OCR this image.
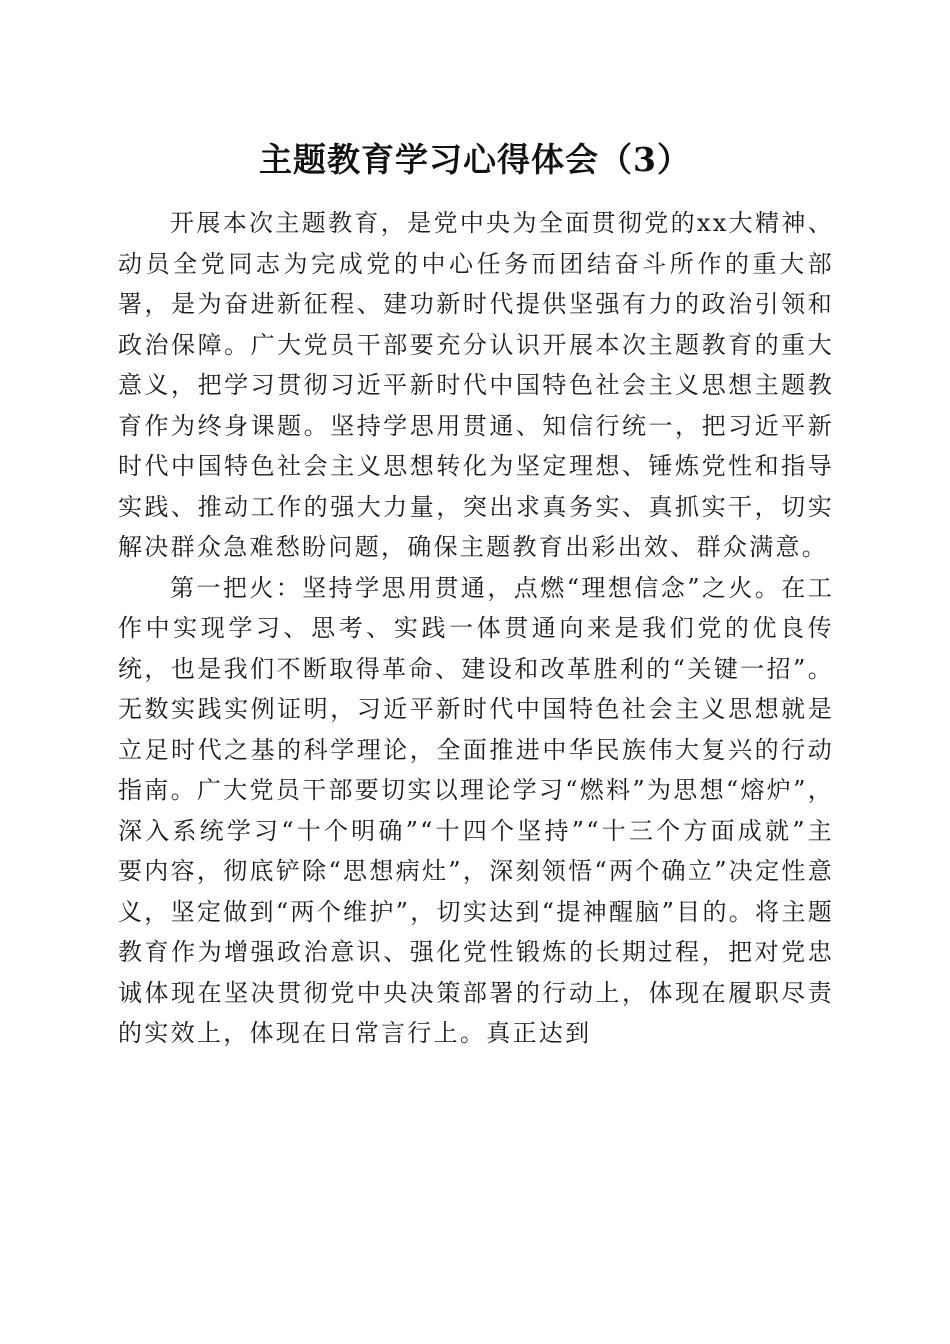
主题教育学习心得体会（3）

开展本次主题教育，是党中央为全面贯彻党的xx大精神、动员全党同志为完成党的中心任务而团结奋斗所作的重大部署，是为奋进新征程、建功新时代提供坚强有力的政治引领和政治保障。广大党员干部要充分认识开展本次主题教育的重大意义，把学习贯彻习近平新时代中国特色社会主义思想主题教育作为终身课题。坚持学思用贯通、知信行统一，把习近平新时代中国特色社会主义思想转化为坚定理想、锤炼党性和指导实践、推动工作的强大力量，突出求真务实、真抓实干，切实解决群众急难愁盼问题，确保主题教育出彩出效、群众满意。

第一把火：坚持学思用贯通，点燃“理想信念”之火。在工作中实现学习、思考、实践一体贯通向来是我们党的优良传统，也是我们不断取得革命、建设和改革胜利的“关键一招”。无数实践实例证明，习近平新时代中国特色社会主义思想就是立足时代之基的科学理论，全面推进中华民族伟大复兴的行动指南。广大党员干部要切实以理论学习“燃料”为思想“熔炉”，深入系统学习“十个明确”“十四个坚持”“十三个方面成就”主要内容，彻底铲除“思想病灶”，深刻领悟“两个确立”决定性意义，坚定做到“两个维护”，切实达到“提神醒脑”目的。将主题教育作为增强政治意识、强化党性锻炼的长期过程，把对党忠诚体现在坚决贯彻党中央决策部署的行动上，体现在履职尽责的实效上，体现在日常言行上。真正达到
